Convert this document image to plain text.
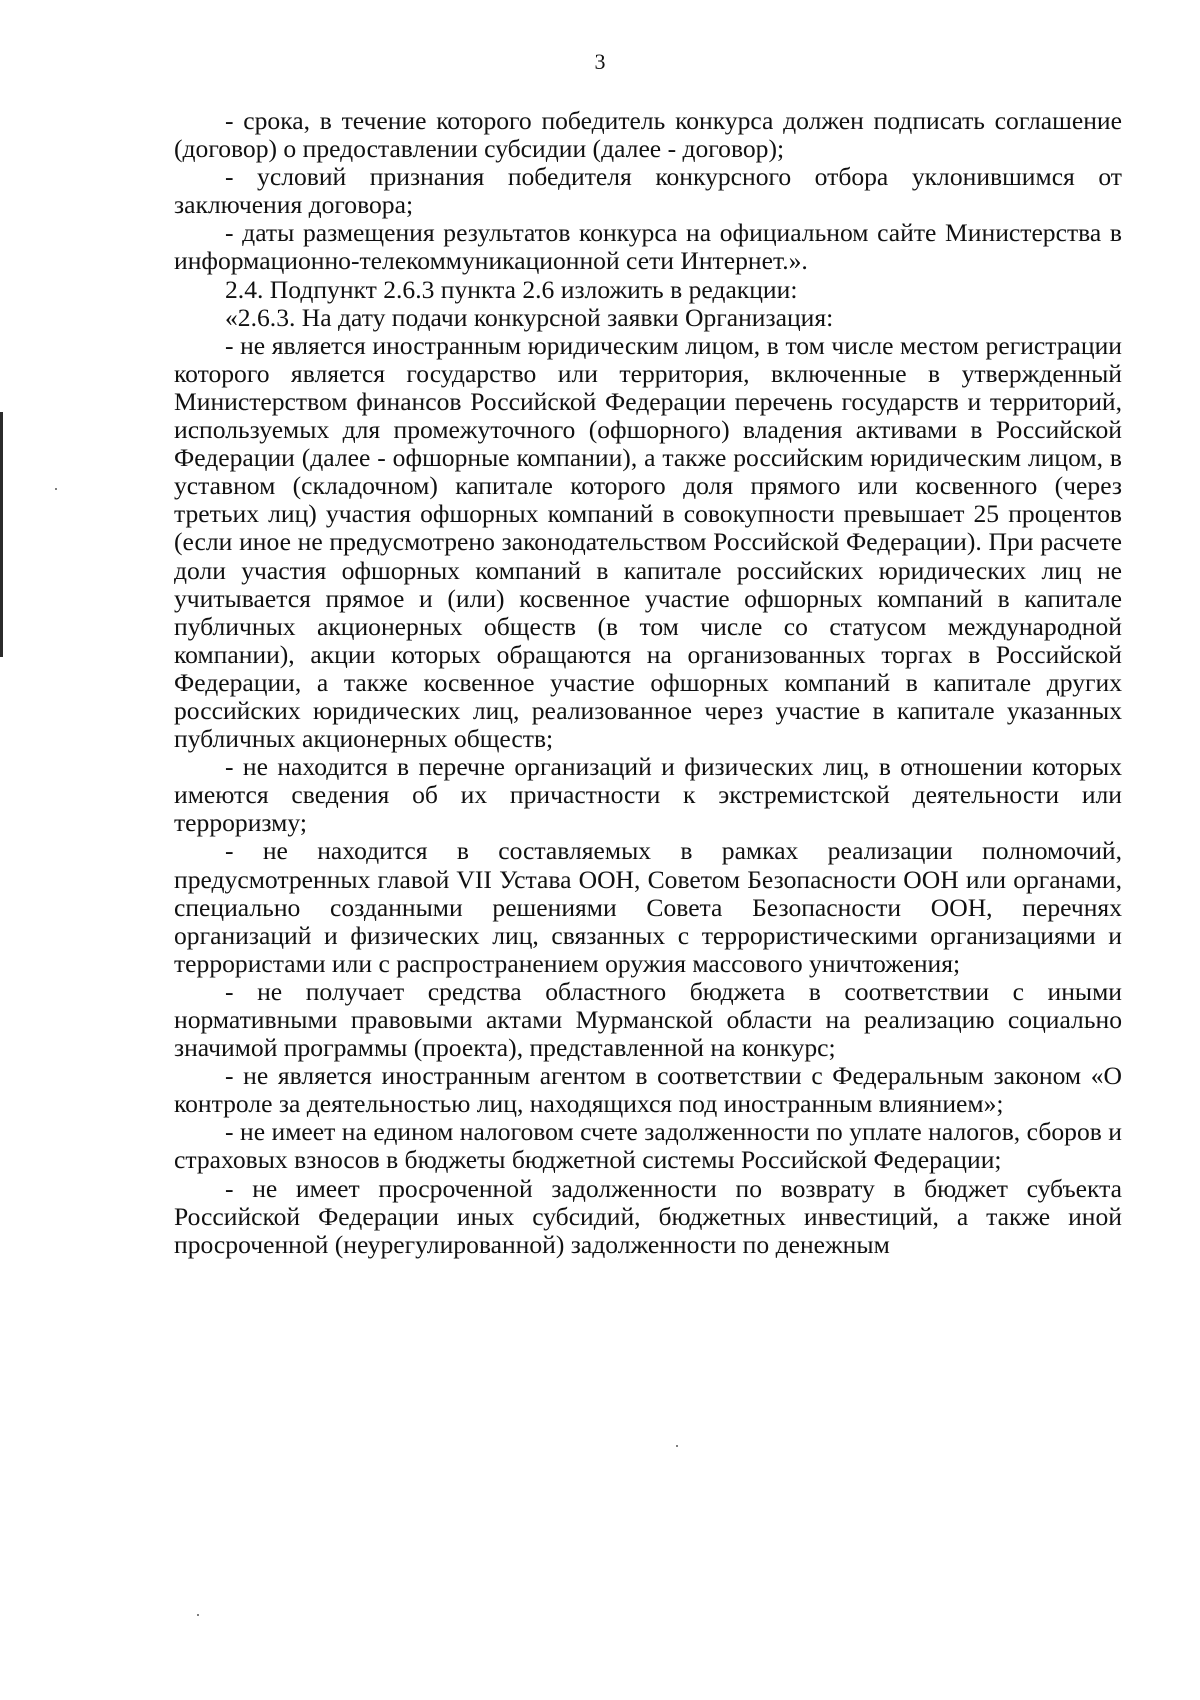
3

- срока, в течение которого победитель конкурса должен подписать соглашение (договор) о предоставлении субсидии (далее - договор);

- условий признания победителя конкурсного отбора уклонившимся от заключения договора;

- даты размещения результатов конкурса на официальном сайте Министерства в информационно-телекоммуникационной сети Интернет.».

2.4. Подпункт 2.6.3 пункта 2.6 изложить в редакции:

«2.6.3. На дату подачи конкурсной заявки Организация:

- не является иностранным юридическим лицом, в том числе местом регистрации которого является государство или территория, включенные в утвержденный Министерством финансов Российской Федерации перечень государств и территорий, используемых для промежуточного (офшорного) владения активами в Российской Федерации (далее - офшорные компании), а также российским юридическим лицом, в уставном (складочном) капитале которого доля прямого или косвенного (через третьих лиц) участия офшорных компаний в совокупности превышает 25 процентов (если иное не предусмотрено законодательством Российской Федерации). При расчете доли участия офшорных компаний в капитале российских юридических лиц не учитывается прямое и (или) косвенное участие офшорных компаний в капитале публичных акционерных обществ (в том числе со статусом международной компании), акции которых обращаются на организованных торгах в Российской Федерации, а также косвенное участие офшорных компаний в капитале других российских юридических лиц, реализованное через участие в капитале указанных публичных акционерных обществ;

- не находится в перечне организаций и физических лиц, в отношении которых имеются сведения об их причастности к экстремистской деятельности или терроризму;

- не находится в составляемых в рамках реализации полномочий, предусмотренных главой VII Устава ООН, Советом Безопасности ООН или органами, специально созданными решениями Совета Безопасности ООН, перечнях организаций и физических лиц, связанных с террористическими организациями и террористами или с распространением оружия массового уничтожения;

- не получает средства областного бюджета в соответствии с иными нормативными правовыми актами Мурманской области на реализацию социально значимой программы (проекта), представленной на конкурс;

- не является иностранным агентом в соответствии с Федеральным законом «О контроле за деятельностью лиц, находящихся под иностранным влиянием»;

- не имеет на едином налоговом счете задолженности по уплате налогов, сборов и страховых взносов в бюджеты бюджетной системы Российской Федерации;

- не имеет просроченной задолженности по возврату в бюджет субъекта Российской Федерации иных субсидий, бюджетных инвестиций, а также иной просроченной (неурегулированной) задолженности по денежным
